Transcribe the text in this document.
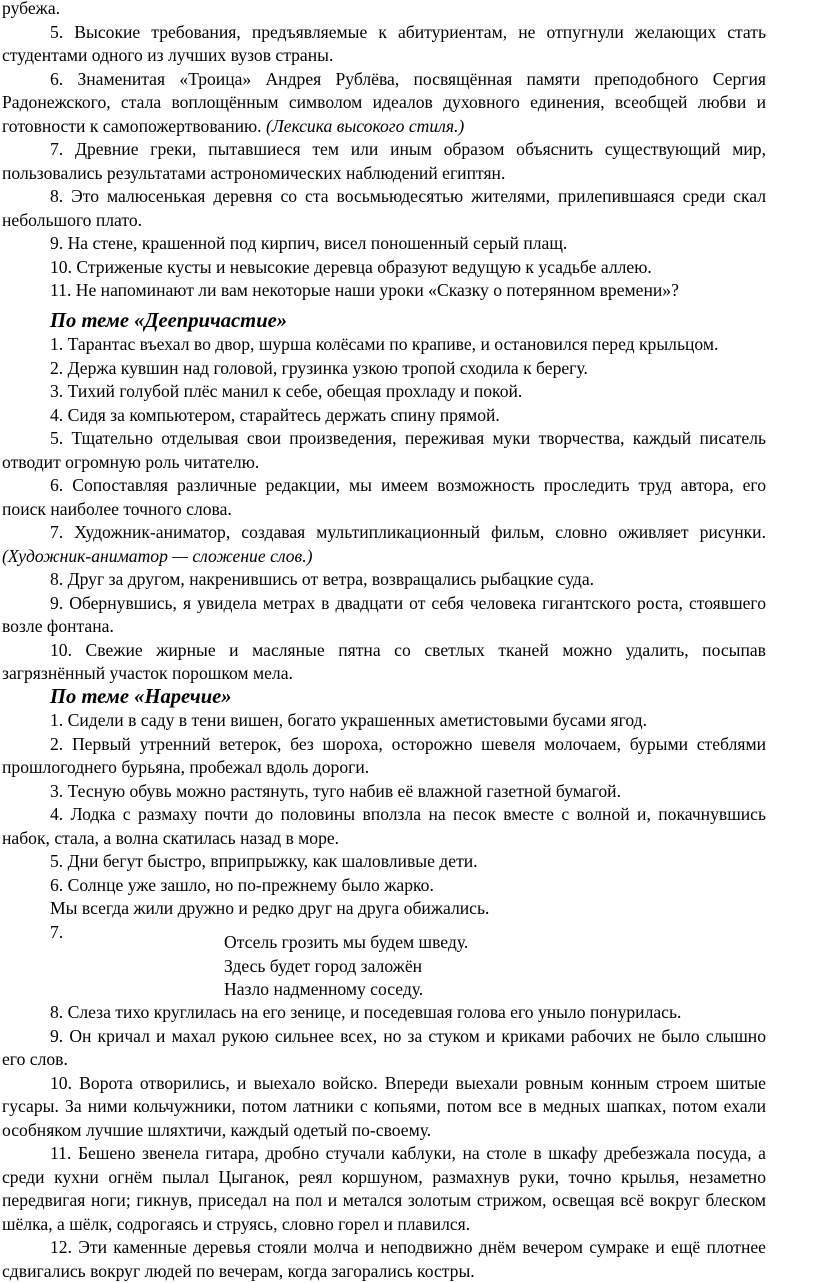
рубежа.

5. Высокие требования, предъявляемые к абитуриентам, не отпугнули желающих стать студентами одного из лучших вузов страны.

6. Знаменитая «Троица» Андрея Рублёва, посвящённая памяти преподобного Сергия Радонежского, стала воплощённым символом идеалов духовного единения, всеобщей любви и готовности к самопожертвованию. (Лексика высокого стиля.)

7. Древние греки, пытавшиеся тем или иным образом объяснить существующий мир, пользовались результатами астрономических наблюдений египтян.

8. Это малюсенькая деревня со ста восьмьюдесятью жителями, прилепившаяся среди скал небольшого плато.

9. На стене, крашенной под кирпич, висел поношенный серый плащ.

10. Стриженые кусты и невысокие деревца образуют ведущую к усадьбе аллею.

11. Не напоминают ли вам некоторые наши уроки «Сказку о потерянном времени»?

По теме «Деепричастие»

1. Тарантас въехал во двор, шурша колёсами по крапиве, и остановился перед крыльцом.

2. Держа кувшин над головой, грузинка узкою тропой сходила к берегу.

3. Тихий голубой плёс манил к себе, обещая прохладу и покой.

4. Сидя за компьютером, старайтесь держать спину прямой.

5. Тщательно отделывая свои произведения, переживая муки творчества, каждый писатель отводит огромную роль читателю.

6. Сопоставляя различные редакции, мы имеем возможность проследить труд автора, его поиск наиболее точного слова.

7. Художник-аниматор, создавая мультипликационный фильм, словно оживляет рисунки. (Художник-аниматор — сложение слов.)

8. Друг за другом, накренившись от ветра, возвращались рыбацкие суда.

9. Обернувшись, я увидела метрах в двадцати от себя человека гигантского роста, стоявшего возле фонтана.

10. Свежие жирные и масляные пятна со светлых тканей можно удалить, посыпав загрязнённый участок порошком мела.

По теме «Наречие»

1. Сидели в саду в тени вишен, богато украшенных аметистовыми бусами ягод.

2. Первый утренний ветерок, без шороха, осторожно шевеля молочаем, бурыми стеблями прошлогоднего бурьяна, пробежал вдоль дороги.

3. Тесную обувь можно растянуть, туго набив её влажной газетной бумагой.

4. Лодка с размаху почти до половины вползла на песок вместе с волной и, покачнувшись набок, стала, а волна скатилась назад в море.

5. Дни бегут быстро, вприпрыжку, как шаловливые дети.

6. Солнце уже зашло, но по-прежнему было жарко.

Мы всегда жили дружно и редко друг на друга обижались.

7.

Отсель грозить мы будем шведу.
Здесь будет город заложён
Назло надменному соседу.

8. Слеза тихо круглилась на его зенице, и поседевшая голова его уныло понурилась.

9. Он кричал и махал рукою сильнее всех, но за стуком и криками рабочих не было слышно его слов.

10. Ворота отворились, и выехало войско. Впереди выехали ровным конным строем шитые гусары. За ними кольчужники, потом латники с копьями, потом все в медных шапках, потом ехали особняком лучшие шляхтичи, каждый одетый по-своему.

11. Бешено звенела гитара, дробно стучали каблуки, на столе в шкафу дребезжала посуда, а среди кухни огнём пылал Цыганок, реял коршуном, размахнув руки, точно крылья, незаметно передвигая ноги; гикнув, приседал на пол и метался золотым стрижом, освещая всё вокруг блеском шёлка, а шёлк, содрогаясь и струясь, словно горел и плавился.

12. Эти каменные деревья стояли молча и неподвижно днём вечером сумраке и ещё плотнее сдвигались вокруг людей по вечерам, когда загорались костры.
